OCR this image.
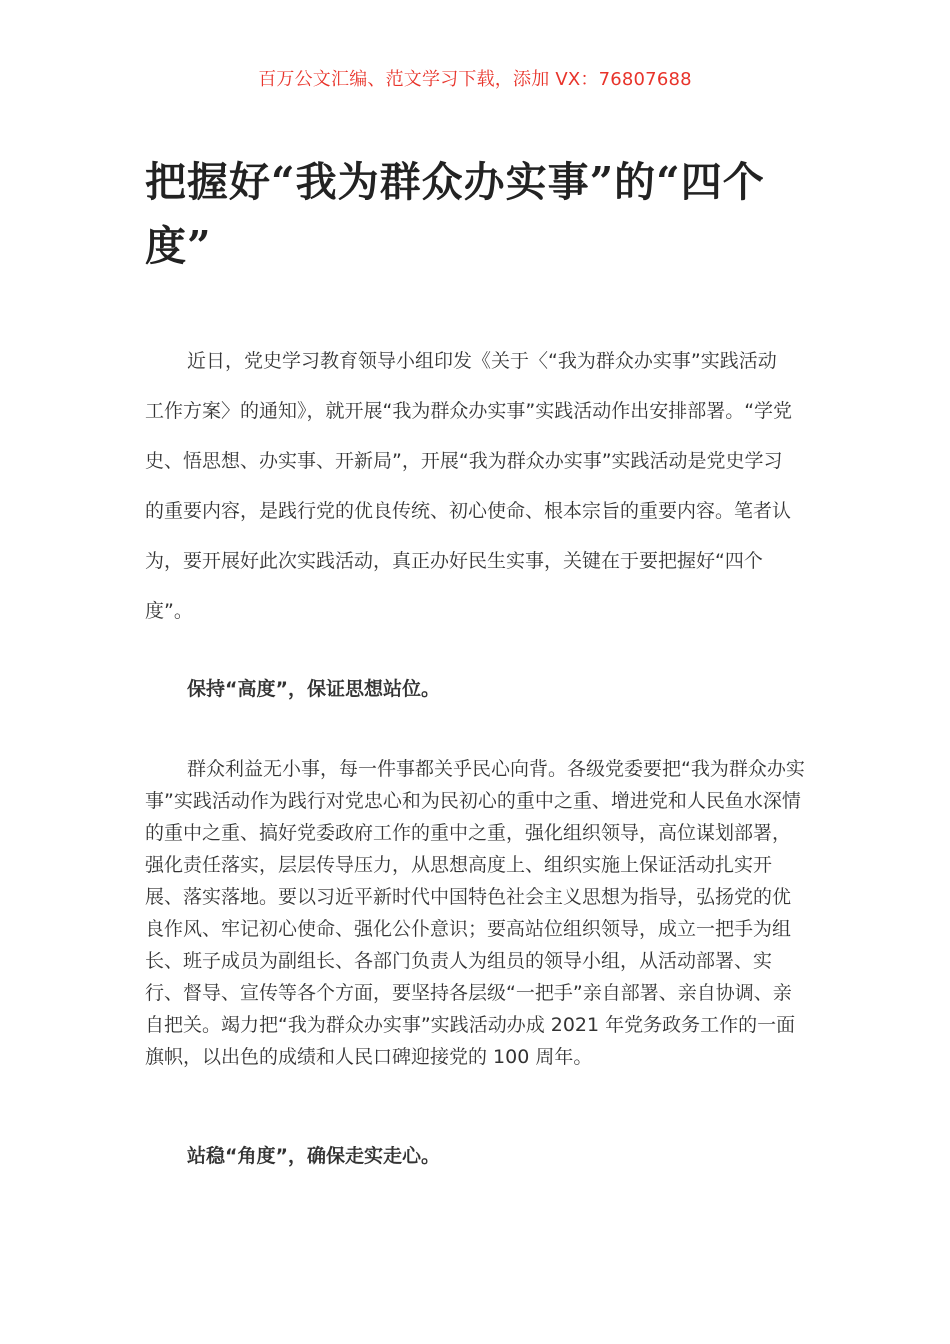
百万公文汇编、范文学习下载，添加 VX：76807688
把握好“我为群众办实事”的“四个度”

近日，党史学习教育领导小组印发《关于〈“我为群众办实事”实践活动工作方案〉的通知》，就开展“我为群众办实事”实践活动作出安排部署。“学党史、悟思想、办实事、开新局”，开展“我为群众办实事”实践活动是党史学习的重要内容，是践行党的优良传统、初心使命、根本宗旨的重要内容。笔者认为，要开展好此次实践活动，真正办好民生实事，关键在于要把握好“四个度”。

保持“高度”，保证思想站位。

群众利益无小事，每一件事都关乎民心向背。各级党委要把“我为群众办实事”实践活动作为践行对党忠心和为民初心的重中之重、增进党和人民鱼水深情的重中之重、搞好党委政府工作的重中之重，强化组织领导，高位谋划部署，强化责任落实，层层传导压力，从思想高度上、组织实施上保证活动扎实开展、落实落地。要以习近平新时代中国特色社会主义思想为指导，弘扬党的优良作风、牢记初心使命、强化公仆意识；要高站位组织领导，成立一把手为组长、班子成员为副组长、各部门负责人为组员的领导小组，从活动部署、实行、督导、宣传等各个方面，要坚持各层级“一把手”亲自部署、亲自协调、亲自把关。竭力把“我为群众办实事”实践活动办成 2021 年党务政务工作的一面旗帜，以出色的成绩和人民口碑迎接党的 100 周年。

站稳“角度”，确保走实走心。
